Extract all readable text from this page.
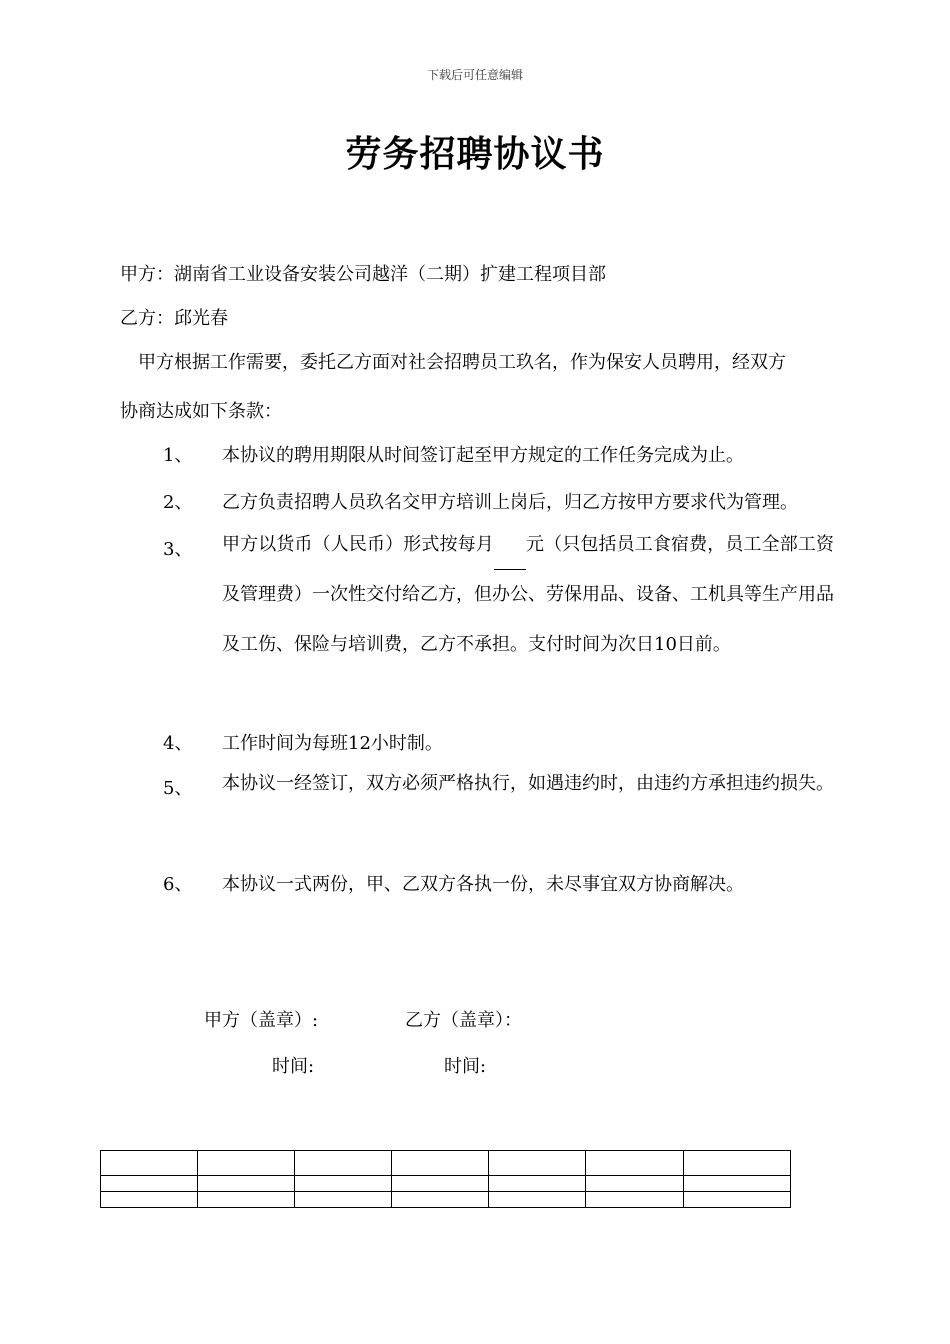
下载后可任意编辑
劳务招聘协议书
甲方：湖南省工业设备安装公司越洋（二期）扩建工程项目部
乙方：邱光春
甲方根据工作需要，委托乙方面对社会招聘员工玖名，作为保安人员聘用，经双方
协商达成如下条款：
1、 本协议的聘用期限从时间签订起至甲方规定的工作任务完成为止。
2、 乙方负责招聘人员玖名交甲方培训上岗后，归乙方按甲方要求代为管理。
3、 甲方以货币（人民币）形式按每月 元（只包括员工食宿费，员工全部工资及管理费）一次性交付给乙方，但办公、劳保用品、设备、工机具等生产用品及工伤、保险与培训费，乙方不承担。支付时间为次日10日前。
4、 工作时间为每班12小时制。
5、 本协议一经签订，双方必须严格执行，如遇违约时，由违约方承担违约损失。
6、 本协议一式两份，甲、乙双方各执一份，未尽事宜双方协商解决。
甲方（盖章）:	乙方（盖章）：
时间:	时间:
